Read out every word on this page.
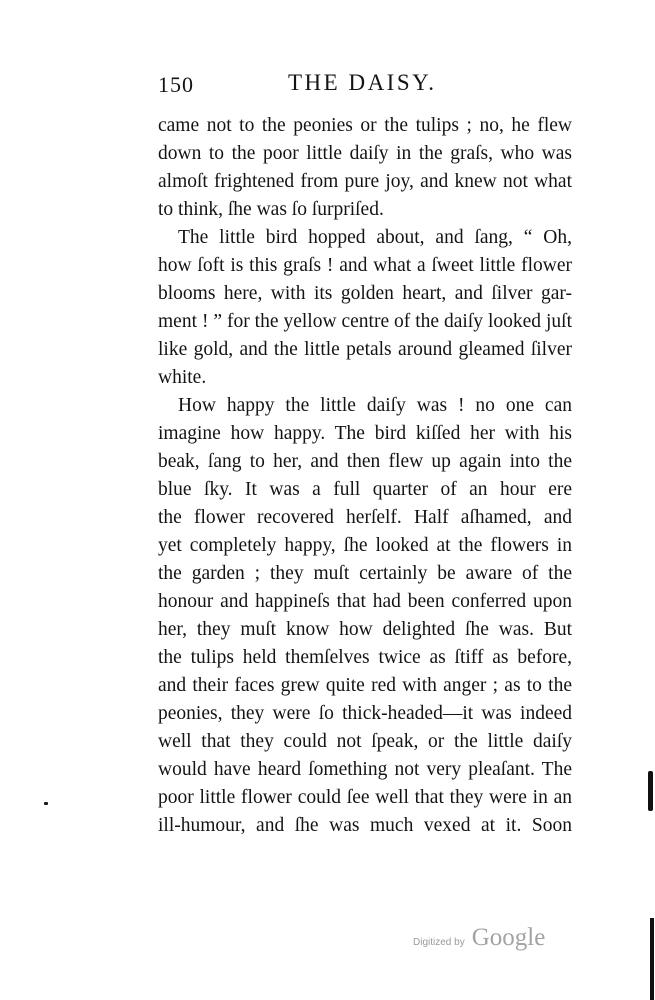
150	THE DAISY.
came not to the peonies or the tulips ; no, he flew
down to the poor little daiſy in the graſs, who was
almoſt frightened from pure joy, and knew not what
to think, ſhe was ſo ſurpriſed.
The little bird hopped about, and ſang, “ Oh,
how ſoft is this graſs ! and what a ſweet little flower
blooms here, with its golden heart, and ſilver gar-
ment ! ” for the yellow centre of the daiſy looked juſt
like gold, and the little petals around gleamed ſilver
white.
How happy the little daiſy was ! no one can
imagine how happy. The bird kiſſed her with his
beak, ſang to her, and then flew up again into the
blue ſky. It was a full quarter of an hour ere
the flower recovered herſelf. Half aſhamed, and
yet completely happy, ſhe looked at the flowers in
the garden ; they muſt certainly be aware of the
honour and happineſs that had been conferred upon
her, they muſt know how delighted ſhe was. But
the tulips held themſelves twice as ſtiff as before,
and their faces grew quite red with anger ; as to the
peonies, they were ſo thick-headed—it was indeed
well that they could not ſpeak, or the little daiſy
would have heard ſomething not very pleaſant. The
poor little flower could ſee well that they were in an
ill-humour, and ſhe was much vexed at it. Soon
Digitized by Google
